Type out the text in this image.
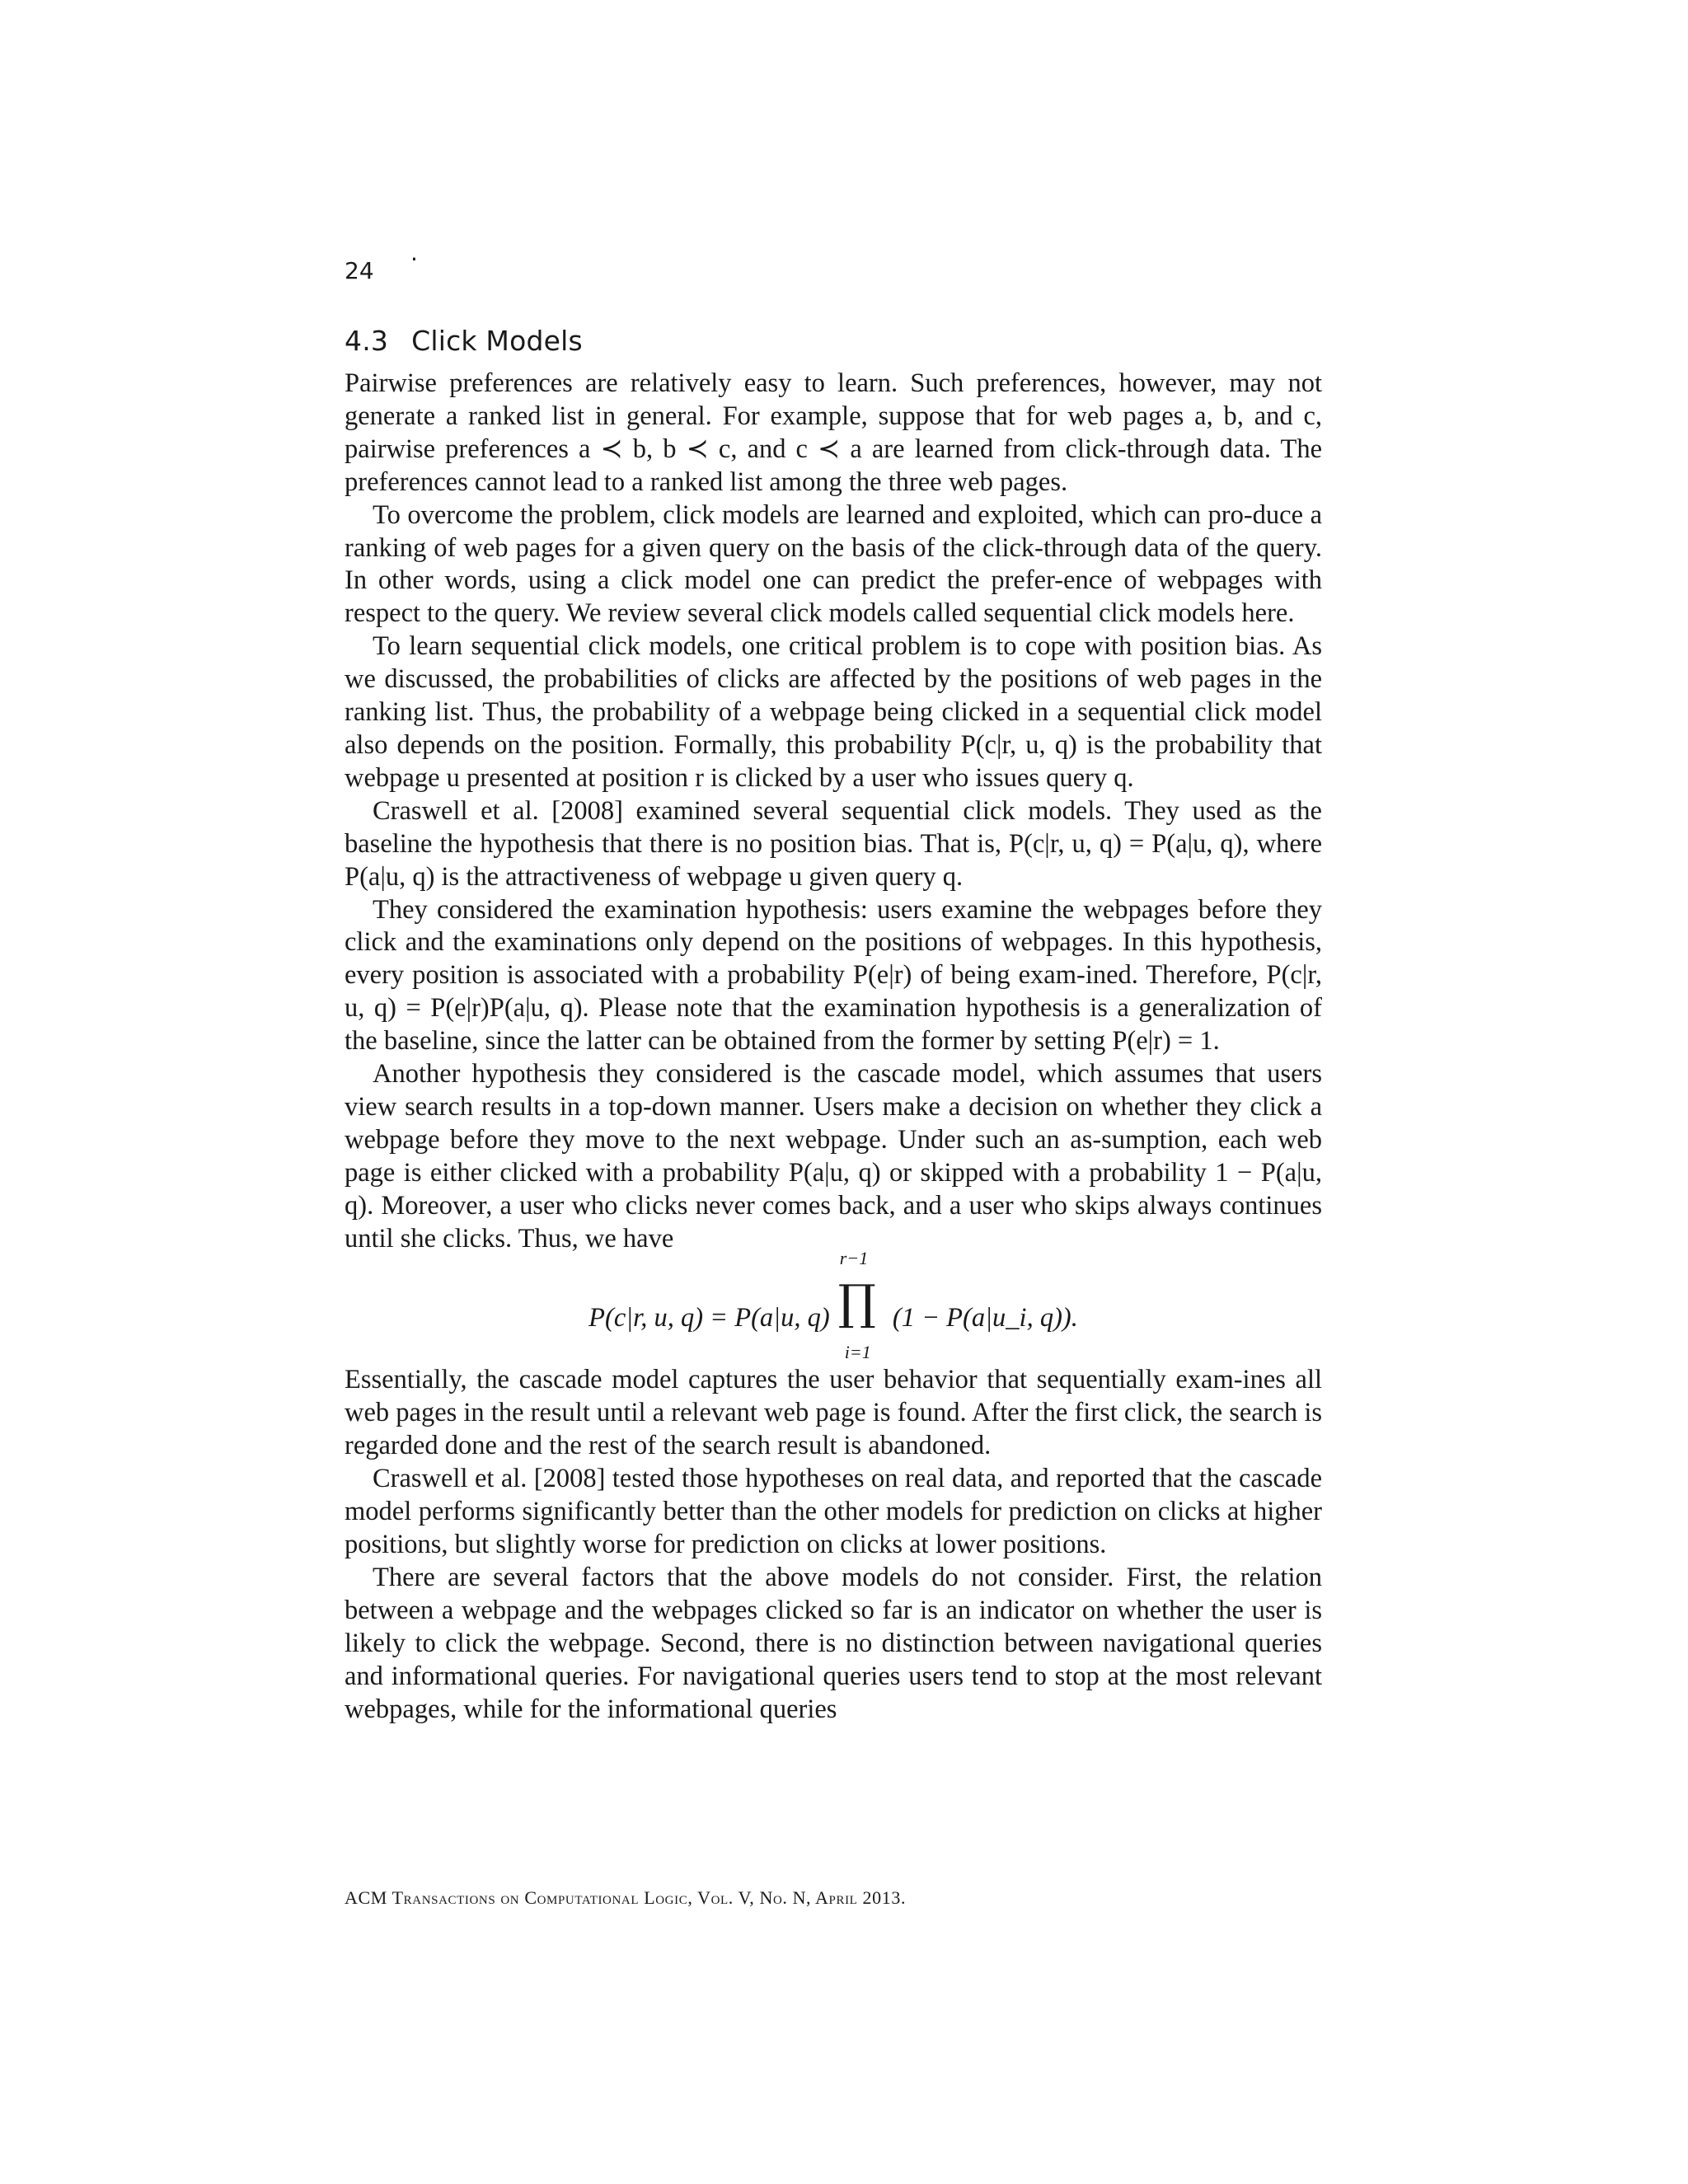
24 ·
4.3 Click Models

Pairwise preferences are relatively easy to learn. Such preferences, however, may not generate a ranked list in general. For example, suppose that for web pages a, b, and c, pairwise preferences a ≺ b, b ≺ c, and c ≺ a are learned from click-through data. The preferences cannot lead to a ranked list among the three web pages.

To overcome the problem, click models are learned and exploited, which can pro-duce a ranking of web pages for a given query on the basis of the click-through data of the query. In other words, using a click model one can predict the prefer-ence of webpages with respect to the query. We review several click models called sequential click models here.

To learn sequential click models, one critical problem is to cope with position bias. As we discussed, the probabilities of clicks are affected by the positions of web pages in the ranking list. Thus, the probability of a webpage being clicked in a sequential click model also depends on the position. Formally, this probability P(c|r, u, q) is the probability that webpage u presented at position r is clicked by a user who issues query q.

Craswell et al. [2008] examined several sequential click models. They used as the baseline the hypothesis that there is no position bias. That is, P(c|r, u, q) = P(a|u, q), where P(a|u, q) is the attractiveness of webpage u given query q.

They considered the examination hypothesis: users examine the webpages before they click and the examinations only depend on the positions of webpages. In this hypothesis, every position is associated with a probability P(e|r) of being exam-ined. Therefore, P(c|r, u, q) = P(e|r)P(a|u, q). Please note that the examination hypothesis is a generalization of the baseline, since the latter can be obtained from the former by setting P(e|r) = 1.

Another hypothesis they considered is the cascade model, which assumes that users view search results in a top-down manner. Users make a decision on whether they click a webpage before they move to the next webpage. Under such an as-sumption, each web page is either clicked with a probability P(a|u, q) or skipped with a probability 1 − P(a|u, q). Moreover, a user who clicks never comes back, and a user who skips always continues until she clicks. Thus, we have

P(c|r, u, q) = P(a|u, q)
r−1
∏
i=1
(1 − P(a|u_i, q)).

Essentially, the cascade model captures the user behavior that sequentially exam-ines all web pages in the result until a relevant web page is found. After the first click, the search is regarded done and the rest of the search result is abandoned.

Craswell et al. [2008] tested those hypotheses on real data, and reported that the cascade model performs significantly better than the other models for prediction on clicks at higher positions, but slightly worse for prediction on clicks at lower positions.

There are several factors that the above models do not consider. First, the relation between a webpage and the webpages clicked so far is an indicator on whether the user is likely to click the webpage. Second, there is no distinction between navigational queries and informational queries. For navigational queries users tend to stop at the most relevant webpages, while for the informational queries

ACM Transactions on Computational Logic, Vol. V, No. N, April 2013.
